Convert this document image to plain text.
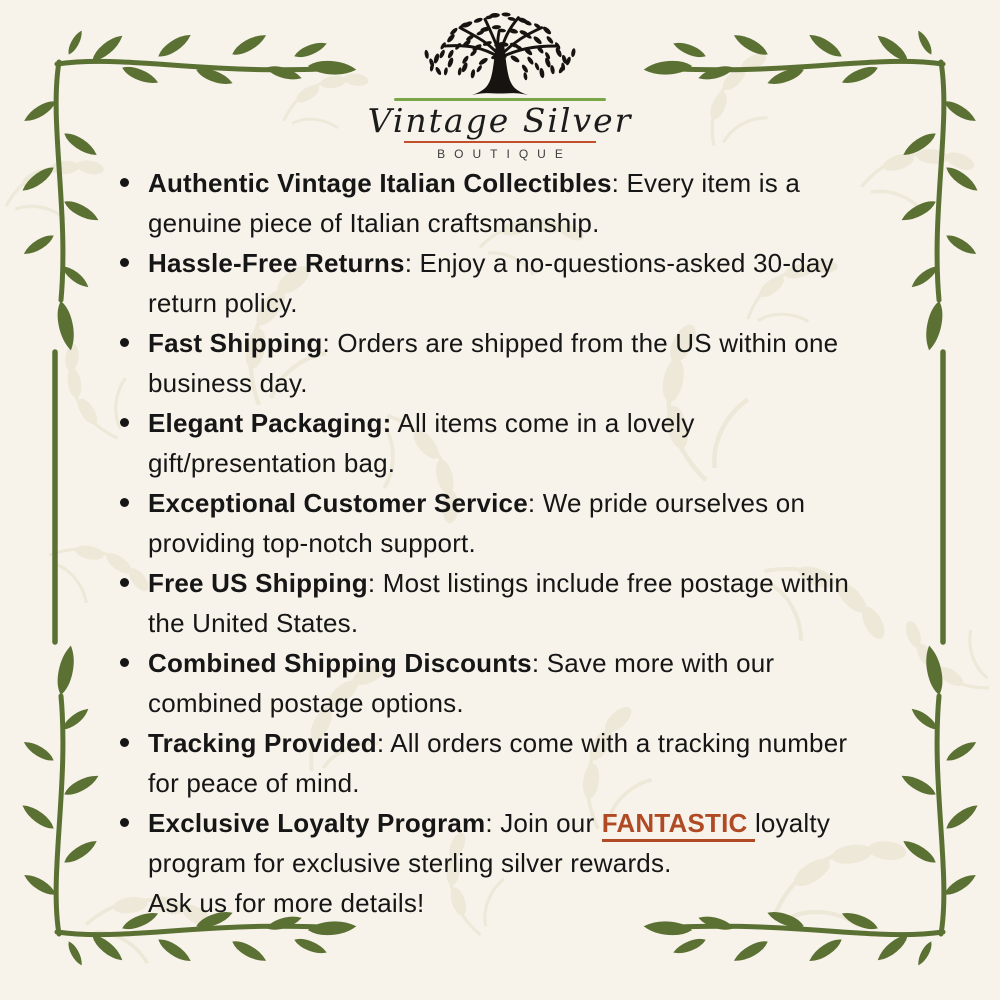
Vintage Silver
BOUTIQUE
Authentic Vintage Italian Collectibles: Every item is a genuine piece of Italian craftsmanship.
Hassle-Free Returns: Enjoy a no-questions-asked 30-day return policy.
Fast Shipping: Orders are shipped from the US within one business day.
Elegant Packaging: All items come in a lovely gift/presentation bag.
Exceptional Customer Service: We pride ourselves on providing top-notch support.
Free US Shipping: Most listings include free postage within the United States.
Combined Shipping Discounts: Save more with our combined postage options.
Tracking Provided: All orders come with a tracking number for peace of mind.
Exclusive Loyalty Program: Join our FANTASTIC loyalty program for exclusive sterling silver rewards.
Ask us for more details!
